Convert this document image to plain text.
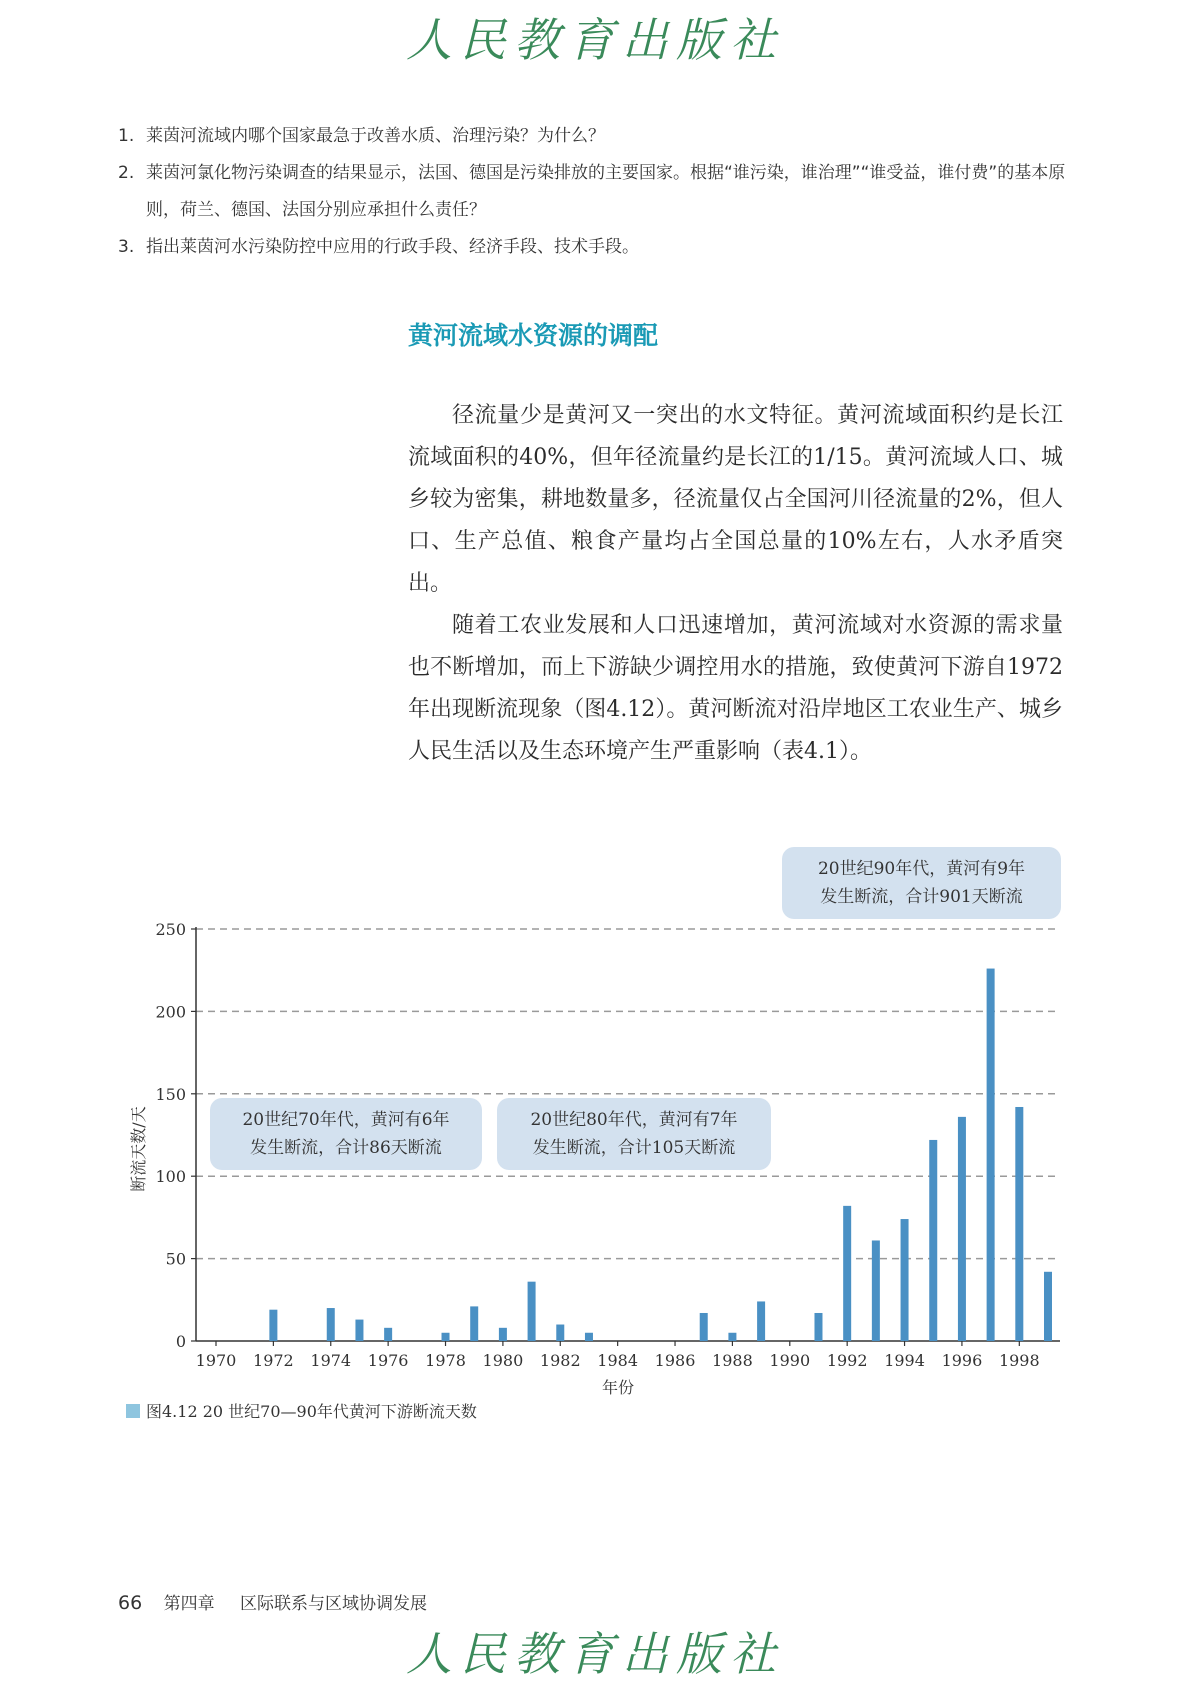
人民教育出版社
1. 莱茵河流域内哪个国家最急于改善水质、治理污染？为什么？
2. 莱茵河氯化物污染调查的结果显示，法国、德国是污染排放的主要国家。根据“谁污染，谁治理”“谁受益，谁付费”的基本原则，荷兰、德国、法国分别应承担什么责任？
3. 指出莱茵河水污染防控中应用的行政手段、经济手段、技术手段。
黄河流域水资源的调配

径流量少是黄河又一突出的水文特征。黄河流域面积约是长江流域面积的40%，但年径流量约是长江的1/15。黄河流域人口、城乡较为密集，耕地数量多，径流量仅占全国河川径流量的2%，但人口、生产总值、粮食产量均占全国总量的10%左右，人水矛盾突出。

随着工农业发展和人口迅速增加，黄河流域对水资源的需求量也不断增加，而上下游缺少调控用水的措施，致使黄河下游自1972 年出现断流现象（图4.12）。黄河断流对沿岸地区工农业生产、城乡人民生活以及生态环境产生严重影响（表4.1）。

0
50
100
150
200
250
1970 1972 1974 1976 1978 1980 1982 1984 1986 1988 1990 1992 1994 1996 1998
断流天数/天
年份
20世纪70年代，黄河有6年
发生断流，合计86天断流
20世纪80年代，黄河有7年
发生断流，合计105天断流
20世纪90年代，黄河有9年
发生断流，合计901天断流
图4.12 20 世纪70—90年代黄河下游断流天数
66 第四章 区际联系与区域协调发展
人民教育出版社
